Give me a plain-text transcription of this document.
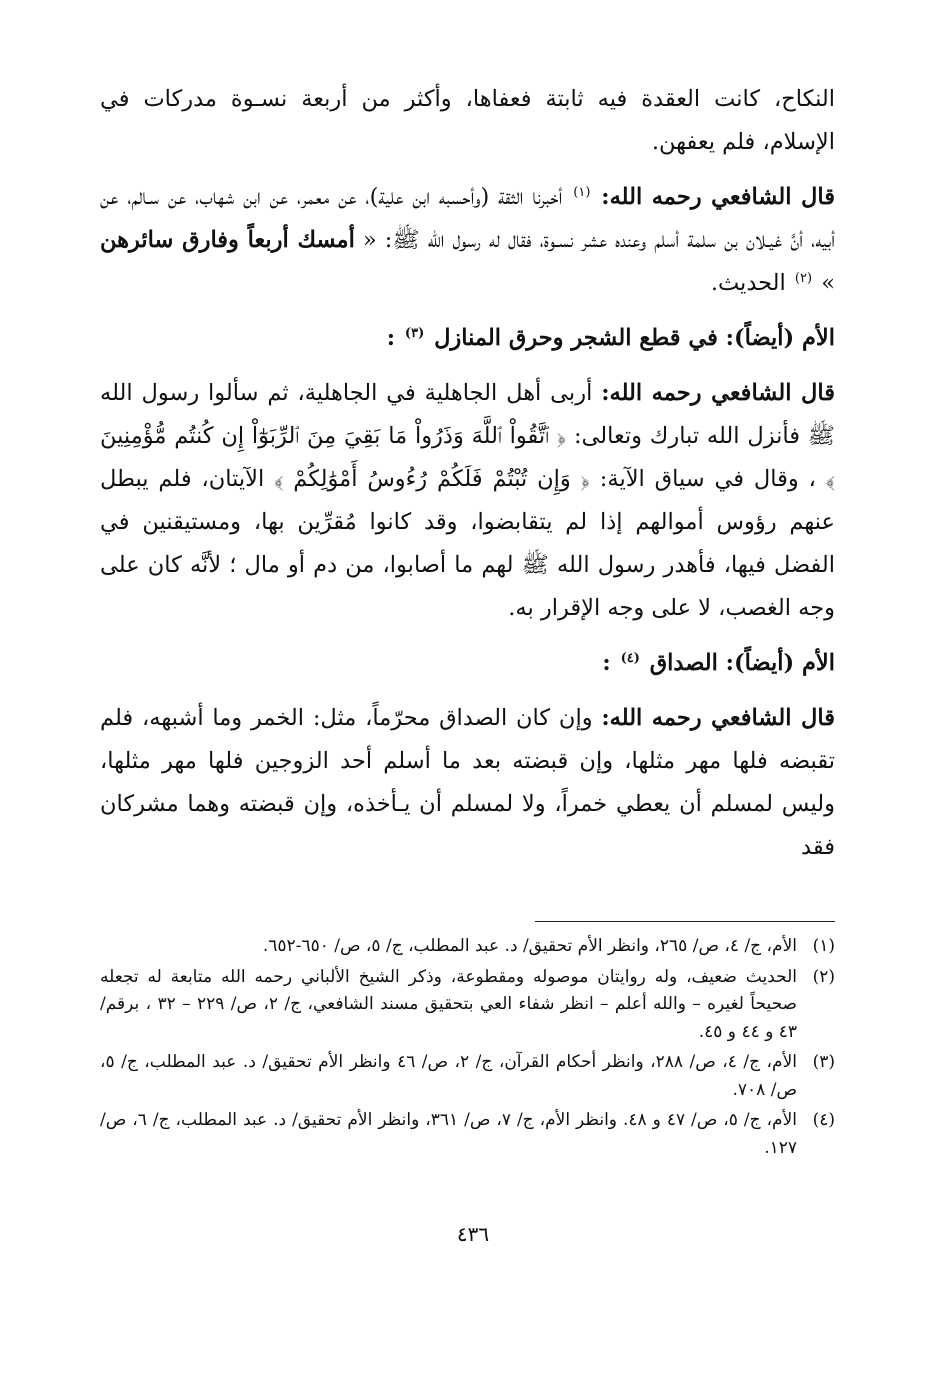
النكاح، كانت العقدة فيه ثابتة فعفاها، وأكثر من أربعة نسـوة مدركات في الإسلام، فلم يعفهن.

قال الشافعي رحمه الله: $^{(١)}$ أخبرنا الثقة (وأحسبه ابن علية)، عن معمر، عن ابن شهاب، عن سـالم، عن أبيه، أنَّ غيـلان بن سلمة أسلم وعنده عشر نسـوة، فقال له رسول الله ﷺ: « أمسك أربعاً وفارق سائرهن » $^{(٢)}$ الحديث.

الأم (أيضاً): في قطع الشجر وحرق المنازل $^{(٣)}$ :

قال الشافعي رحمه الله: أربى أهل الجاهلية في الجاهلية، ثم سألوا رسول الله ﷺ فأنزل الله تبارك وتعالى: ﴿ ٱتَّقُواْ ٱللَّهَ وَذَرُواْ مَا بَقِيَ مِنَ ٱلرِّبَوٰٓاْ إِن كُنتُم مُّؤْمِنِينَ ﴾ ، وقال في سياق الآية: ﴿ وَإِن تُبْتُمْ فَلَكُمْ رُءُوسُ أَمْوَٰلِكُمْ ﴾ الآيتان، فلم يبطل عنهم رؤوس أموالهم إذا لم يتقابضوا، وقد كانوا مُقرِّين بها، ومستيقنين في الفضل فيها، فأهدر رسول الله ﷺ لهم ما أصابوا، من دم أو مال ؛ لأنَّه كان على وجه الغصب، لا على وجه الإقرار به.

الأم (أيضاً): الصداق $^{(٤)}$ :

قال الشافعي رحمه الله: وإن كان الصداق محرّماً، مثل: الخمر وما أشبهه، فلم تقبضه فلها مهر مثلها، وإن قبضته بعد ما أسلم أحد الزوجين فلها مهر مثلها، وليس لمسلم أن يعطي خمراً، ولا لمسلم أن يـأخذه، وإن قبضته وهما مشركان فقد

(١)
الأم، ج/ ٤، ص/ ٢٦٥، وانظر الأم تحقيق/ د. عبد المطلب، ج/ ٥، ص/ ٦٥٠-٦٥٢.
(٢)
الحديث ضعيف، وله روايتان موصوله ومقطوعة، وذكر الشيخ الألباني رحمه الله متابعة له تجعله صحيحاً لغيره – والله أعلم – انظر شفاء العي بتحقيق مسند الشافعي، ج/ ٢، ص/ ٢٢٩ – ٣٢ ، برقم/ ٤٣ و ٤٤ و ٤٥.
(٣)
الأم، ج/ ٤، ص/ ٢٨٨، وانظر أحكام القرآن، ج/ ٢، ص/ ٤٦ وانظر الأم تحقيق/ د. عبد المطلب، ج/ ٥، ص/ ٧٠٨.
(٤)
الأم، ج/ ٥، ص/ ٤٧ و ٤٨. وانظر الأم، ج/ ٧، ص/ ٣٦١، وانظر الأم تحقيق/ د. عبد المطلب، ج/ ٦، ص/ ١٢٧.
٤٣٦
